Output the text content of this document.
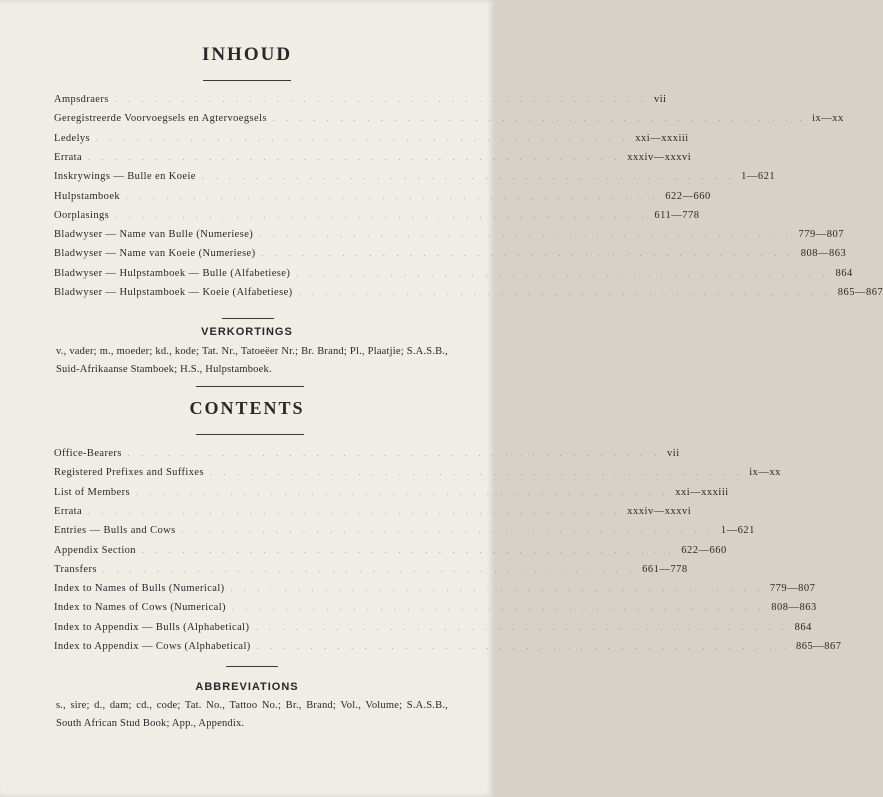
INHOUD
Ampsdraers . . . . . . . . . . . . . . . . . . . . . . . . . . . . . . . . . . . . . . . . vii
Geregistreerde Voorvoegsels en Agtervoegsels . . . . . . . . . . . . . . . . . . . . . . . . . . . . . . . . . . . . . . . . ix—xx
Ledelys . . . . . . . . . . . . . . . . . . . . . . . . . . . . . . . . . . . . . . . . xxi—xxxiii
Errata . . . . . . . . . . . . . . . . . . . . . . . . . . . . . . . . . . . . . . . . xxxiv—xxxvi
Inskrywings — Bulle en Koeie . . . . . . . . . . . . . . . . . . . . . . . . . . . . . . . . . . . . . . . . 1—621
Hulpstamboek . . . . . . . . . . . . . . . . . . . . . . . . . . . . . . . . . . . . . . . . 622—660
Oorplasings . . . . . . . . . . . . . . . . . . . . . . . . . . . . . . . . . . . . . . . . 611—778
Bladwyser — Name van Bulle (Numeriese) . . . . . . . . . . . . . . . . . . . . . . . . . . . . . . . . . . . . . . . . 779—807
Bladwyser — Name van Koeie (Numeriese) . . . . . . . . . . . . . . . . . . . . . . . . . . . . . . . . . . . . . . . . 808—863
Bladwyser — Hulpstamboek — Bulle (Alfabetiese) . . . . . . . . . . . . . . . . . . . . . . . . . . . . . . . . . . . . . . . . 864
Bladwyser — Hulpstamboek — Koeie (Alfabetiese) . . . . . . . . . . . . . . . . . . . . . . . . . . . . . . . . . . . . . . . . 865—867
VERKORTINGS
v., vader; m., moeder; kd., kode; Tat. Nr., Tatoeëer Nr.; Br. Brand; Pl., Plaatjie; S.A.S.B., Suid-Afrikaanse Stamboek; H.S., Hulpstamboek.
CONTENTS
Office-Bearers . . . . . . . . . . . . . . . . . . . . . . . . . . . . . . . . . . . . . . . . vii
Registered Prefixes and Suffixes . . . . . . . . . . . . . . . . . . . . . . . . . . . . . . . . . . . . . . . . ix—xx
List of Members . . . . . . . . . . . . . . . . . . . . . . . . . . . . . . . . . . . . . . . . xxi—xxxiii
Errata . . . . . . . . . . . . . . . . . . . . . . . . . . . . . . . . . . . . . . . . xxxiv—xxxvi
Entries — Bulls and Cows . . . . . . . . . . . . . . . . . . . . . . . . . . . . . . . . . . . . . . . . 1—621
Appendix Section . . . . . . . . . . . . . . . . . . . . . . . . . . . . . . . . . . . . . . . . 622—660
Transfers . . . . . . . . . . . . . . . . . . . . . . . . . . . . . . . . . . . . . . . . 661—778
Index to Names of Bulls (Numerical) . . . . . . . . . . . . . . . . . . . . . . . . . . . . . . . . . . . . . . . . 779—807
Index to Names of Cows (Numerical) . . . . . . . . . . . . . . . . . . . . . . . . . . . . . . . . . . . . . . . . 808—863
Index to Appendix — Bulls (Alphabetical) . . . . . . . . . . . . . . . . . . . . . . . . . . . . . . . . . . . . . . . . 864
Index to Appendix — Cows (Alphabetical) . . . . . . . . . . . . . . . . . . . . . . . . . . . . . . . . . . . . . . . . 865—867
ABBREVIATIONS
s., sire; d., dam; cd., code; Tat. No., Tattoo No.; Br., Brand; Vol., Volume; S.A.S.B., South African Stud Book; App., Appendix.
